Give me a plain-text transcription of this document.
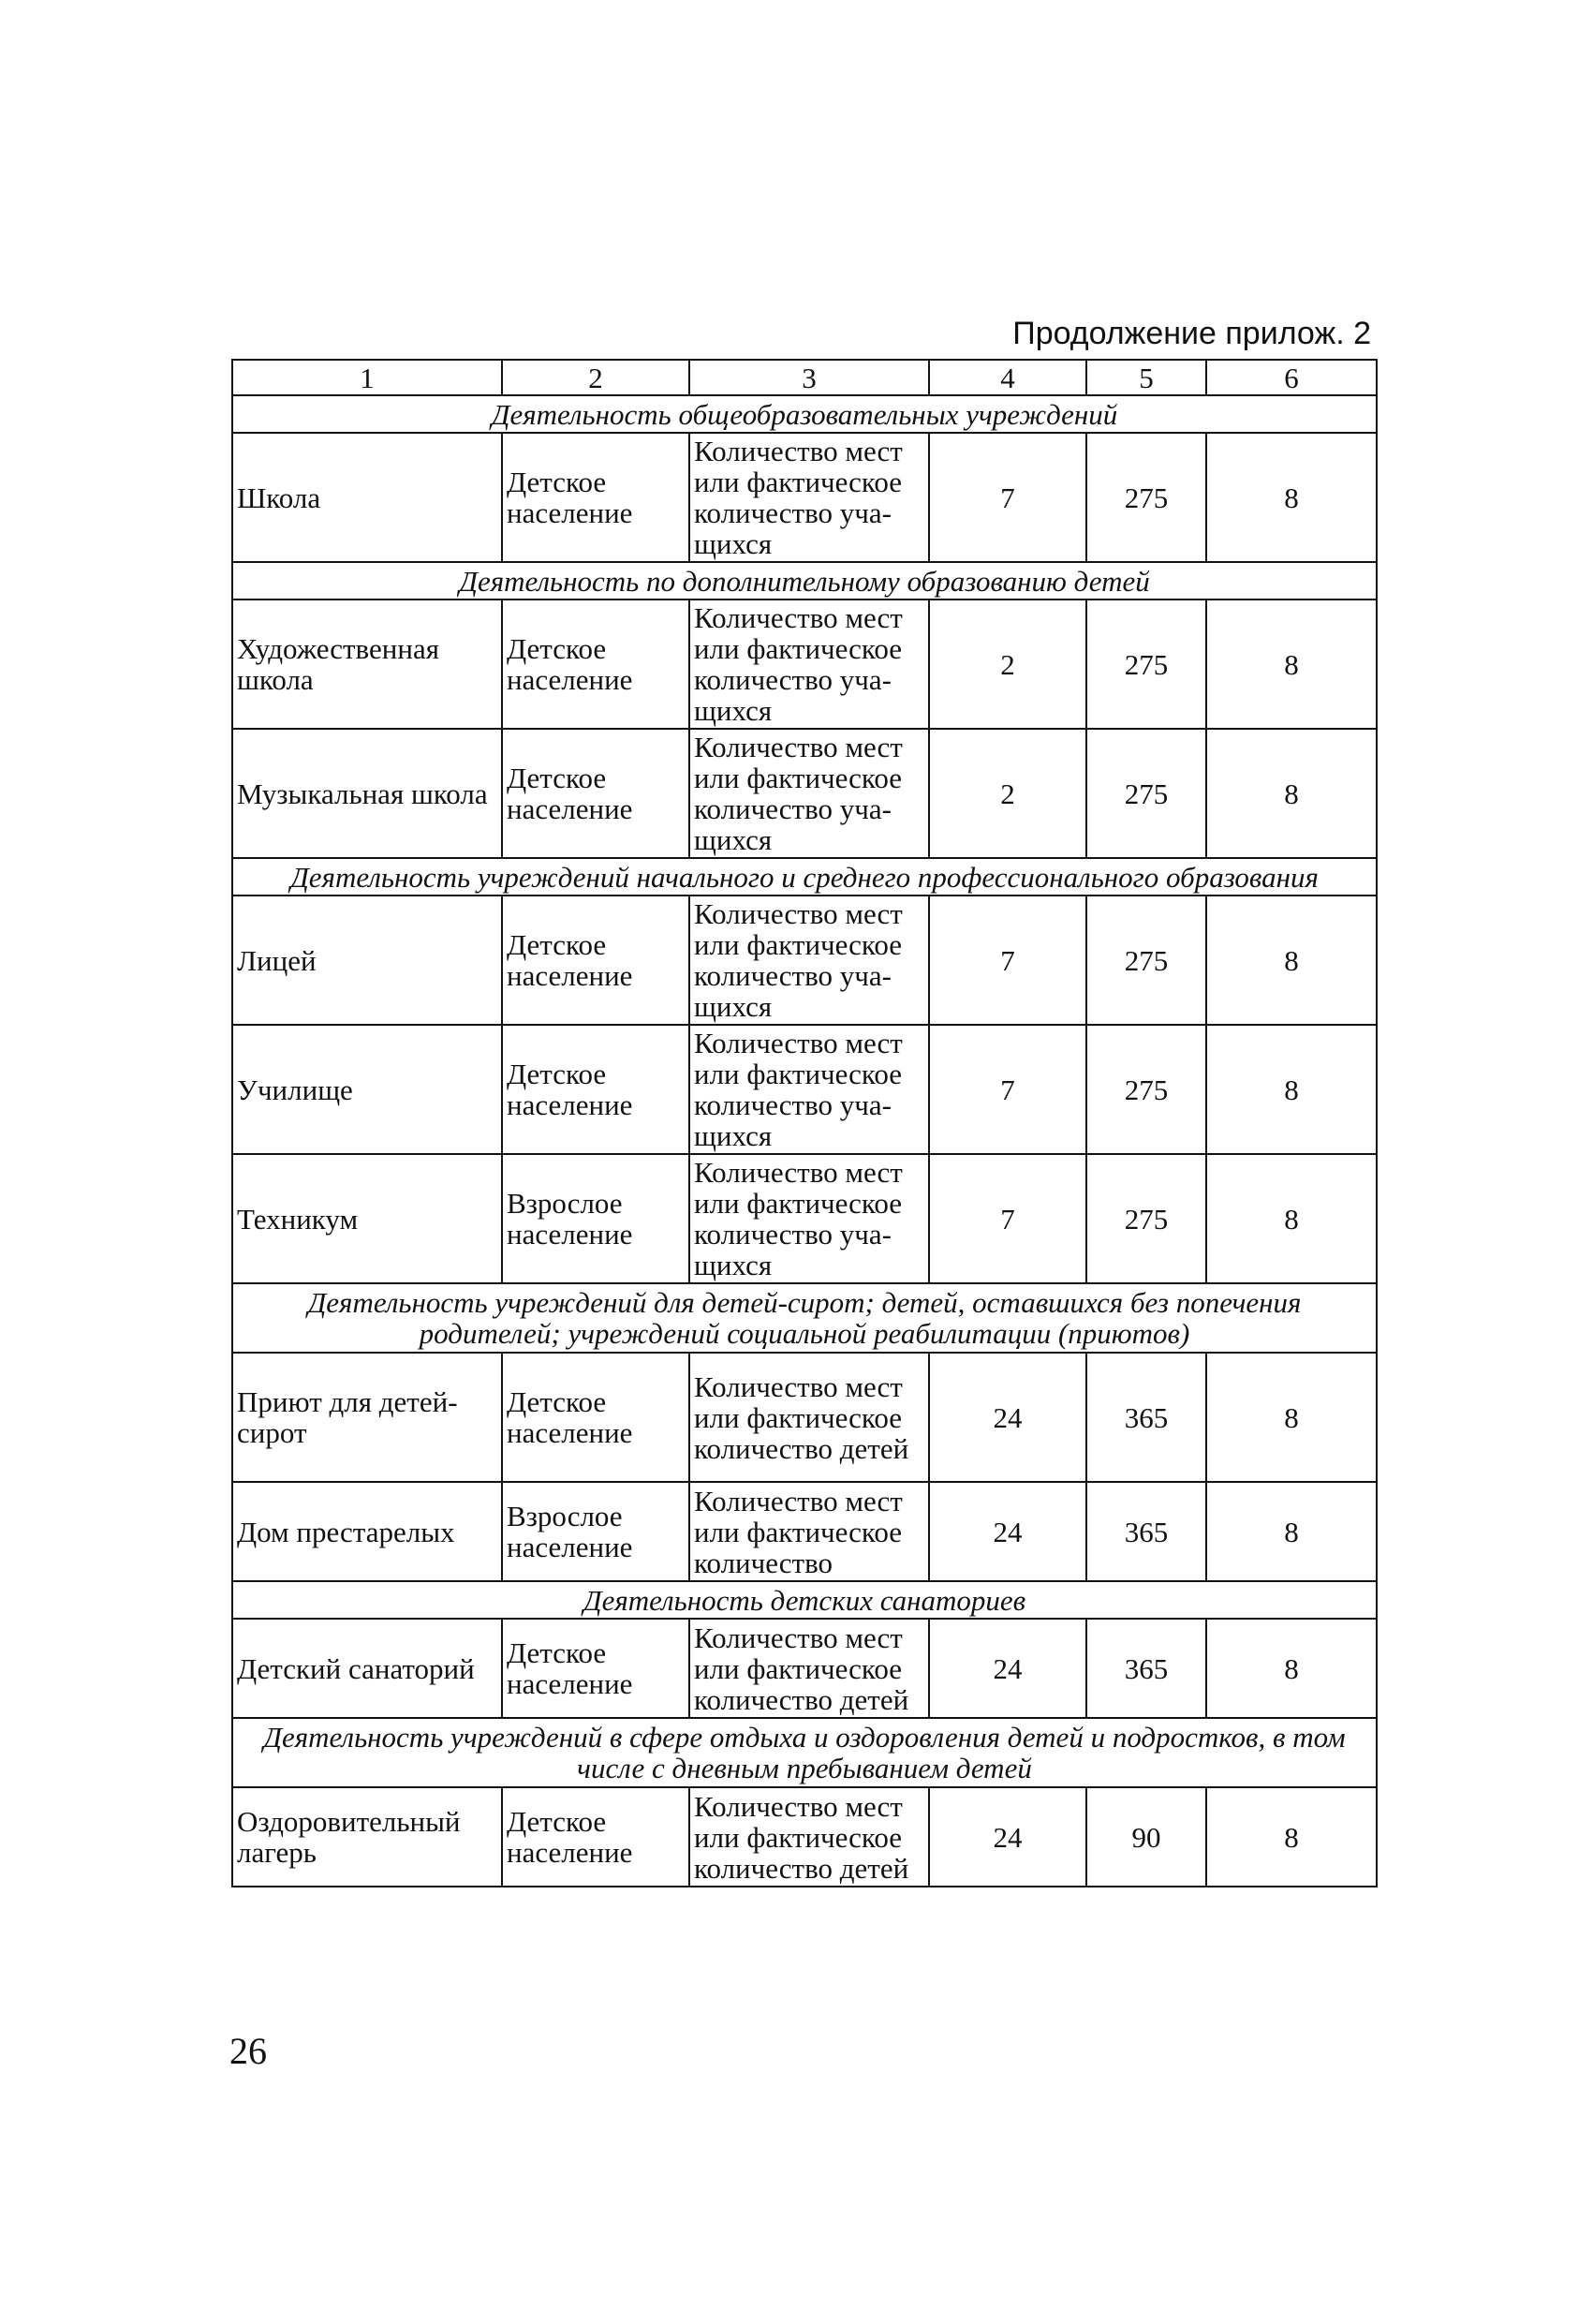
Продолжение прилож. 2
1	2	3	4	5	6
Деятельность общеобразовательных учреждений					
Школа	Детское население	Количество мест или фактическое количество учащихся	7	275	8
Деятельность по дополнительному образованию детей					
Художественная школа	Детское население	Количество мест или фактическое количество учащихся	2	275	8
Музыкальная школа	Детское население	Количество мест или фактическое количество учащихся	2	275	8
Деятельность учреждений начального и среднего профессионального образования					
Лицей	Детское население	Количество мест или фактическое количество учащихся	7	275	8
Училище	Детское население	Количество мест или фактическое количество учащихся	7	275	8
Техникум	Взрослое население	Количество мест или фактическое количество учащихся	7	275	8
Деятельность учреждений для детей-сирот; детей, оставшихся без попечения родителей; учреждений социальной реабилитации (приютов)					
Приют для детей-сирот	Детское население	Количество мест или фактическое количество детей	24	365	8
Дом престарелых	Взрослое население	Количество мест или фактическое количество	24	365	8
Деятельность детских санаториев					
Детский санаторий	Детское население	Количество мест или фактическое количество детей	24	365	8
Деятельность учреждений в сфере отдыха и оздоровления детей и подростков, в том числе с дневным пребыванием детей					
Оздоровительный лагерь	Детское население	Количество мест или фактическое количество детей	24	90	8
26
